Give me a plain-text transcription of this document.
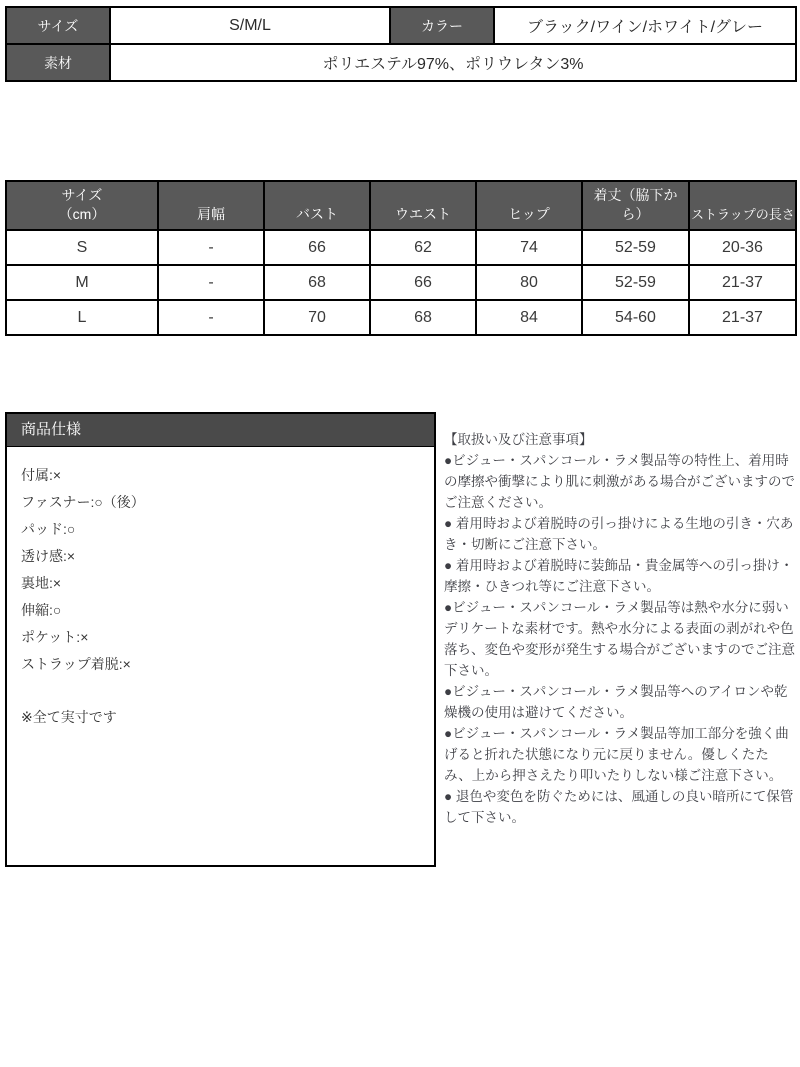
サイズ	S/M/L	カラー	ブラック/ワイン/ホワイト/グレー
素材	ポリエステル97%、ポリウレタン3%		
サイズ
（cm）	肩幅	バスト	ウエスト	ヒップ	着丈（脇下から）	ストラップの長さ
S	-	66	62	74	52-59	20-36
M	-	68	66	80	52-59	21-37
L	-	70	68	84	54-60	21-37
商品仕様
付属:×
ファスナー:○（後）
パッド:○
透け感:×
裏地:×
伸縮:○
ポケット:×
ストラップ着脱:×
※全て実寸です

【取扱い及び注意事項】

●ビジュー・スパンコール・ラメ製品等の特性上、着用時の摩擦や衝撃により肌に刺激がある場合がございますのでご注意ください。

● 着用時および着脱時の引っ掛けによる生地の引き・穴あき・切断にご注意下さい。

● 着用時および着脱時に装飾品・貴金属等への引っ掛け・摩擦・ひきつれ等にご注意下さい。

●ビジュー・スパンコール・ラメ製品等は熱や水分に弱いデリケートな素材です。熱や水分による表面の剥がれや色落ち、変色や変形が発生する場合がございますのでご注意下さい。

●ビジュー・スパンコール・ラメ製品等へのアイロンや乾燥機の使用は避けてください。

●ビジュー・スパンコール・ラメ製品等加工部分を強く曲げると折れた状態になり元に戻りません。優しくたたみ、上から押さえたり叩いたりしない様ご注意下さい。

● 退色や変色を防ぐためには、風通しの良い暗所にて保管して下さい。
